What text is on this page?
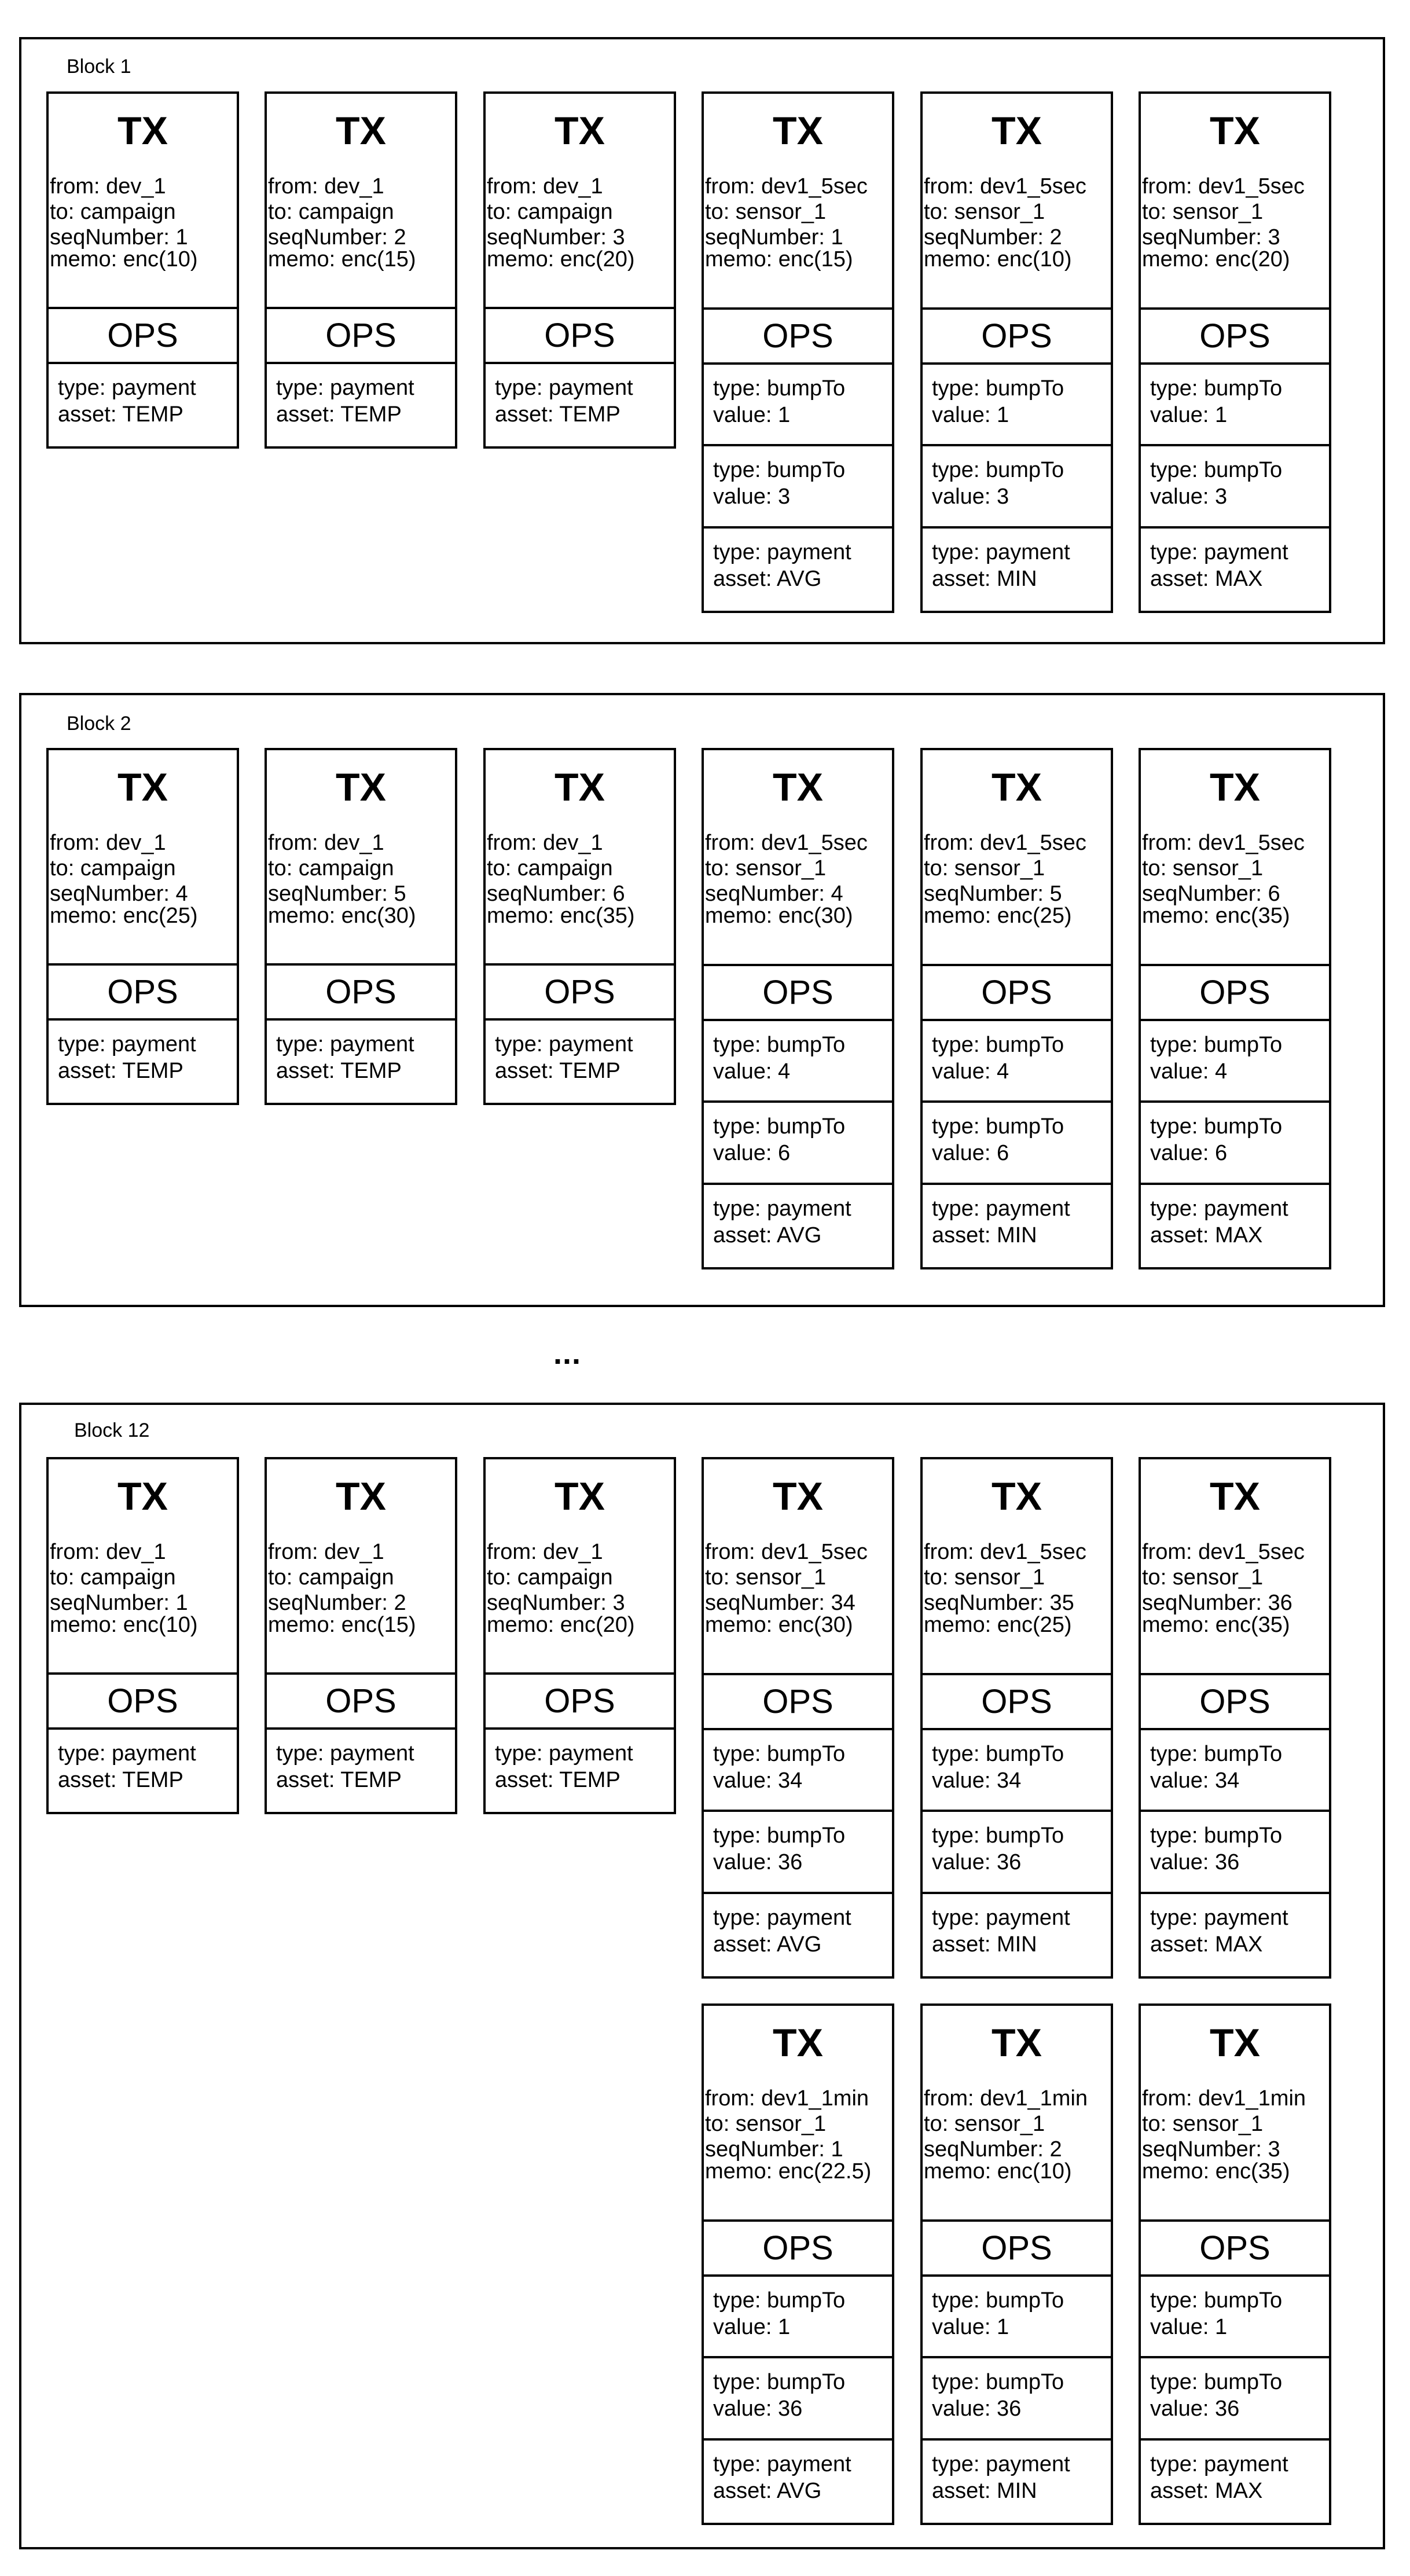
Block 1
Block 2
...
Block 12
TX
from: dev_1
to: campaign
seqNumber: 1
memo: enc(10)
OPS
type: payment
asset: TEMP
TX
from: dev_1
to: campaign
seqNumber: 2
memo: enc(15)
OPS
type: payment
asset: TEMP
TX
from: dev_1
to: campaign
seqNumber: 3
memo: enc(20)
OPS
type: payment
asset: TEMP
TX
from: dev1_5sec
to: sensor_1
seqNumber: 1
memo: enc(15)
OPS
type: bumpTo
value: 1
type: bumpTo
value: 3
type: payment
asset: AVG
TX
from: dev1_5sec
to: sensor_1
seqNumber: 2
memo: enc(10)
OPS
type: bumpTo
value: 1
type: bumpTo
value: 3
type: payment
asset: MIN
TX
from: dev1_5sec
to: sensor_1
seqNumber: 3
memo: enc(20)
OPS
type: bumpTo
value: 1
type: bumpTo
value: 3
type: payment
asset: MAX
TX
from: dev_1
to: campaign
seqNumber: 4
memo: enc(25)
OPS
type: payment
asset: TEMP
TX
from: dev_1
to: campaign
seqNumber: 5
memo: enc(30)
OPS
type: payment
asset: TEMP
TX
from: dev_1
to: campaign
seqNumber: 6
memo: enc(35)
OPS
type: payment
asset: TEMP
TX
from: dev1_5sec
to: sensor_1
seqNumber: 4
memo: enc(30)
OPS
type: bumpTo
value: 4
type: bumpTo
value: 6
type: payment
asset: AVG
TX
from: dev1_5sec
to: sensor_1
seqNumber: 5
memo: enc(25)
OPS
type: bumpTo
value: 4
type: bumpTo
value: 6
type: payment
asset: MIN
TX
from: dev1_5sec
to: sensor_1
seqNumber: 6
memo: enc(35)
OPS
type: bumpTo
value: 4
type: bumpTo
value: 6
type: payment
asset: MAX
TX
from: dev_1
to: campaign
seqNumber: 1
memo: enc(10)
OPS
type: payment
asset: TEMP
TX
from: dev_1
to: campaign
seqNumber: 2
memo: enc(15)
OPS
type: payment
asset: TEMP
TX
from: dev_1
to: campaign
seqNumber: 3
memo: enc(20)
OPS
type: payment
asset: TEMP
TX
from: dev1_5sec
to: sensor_1
seqNumber: 34
memo: enc(30)
OPS
type: bumpTo
value: 34
type: bumpTo
value: 36
type: payment
asset: AVG
TX
from: dev1_5sec
to: sensor_1
seqNumber: 35
memo: enc(25)
OPS
type: bumpTo
value: 34
type: bumpTo
value: 36
type: payment
asset: MIN
TX
from: dev1_5sec
to: sensor_1
seqNumber: 36
memo: enc(35)
OPS
type: bumpTo
value: 34
type: bumpTo
value: 36
type: payment
asset: MAX
TX
from: dev1_1min
to: sensor_1
seqNumber: 1
memo: enc(22.5)
OPS
type: bumpTo
value: 1
type: bumpTo
value: 36
type: payment
asset: AVG
TX
from: dev1_1min
to: sensor_1
seqNumber: 2
memo: enc(10)
OPS
type: bumpTo
value: 1
type: bumpTo
value: 36
type: payment
asset: MIN
TX
from: dev1_1min
to: sensor_1
seqNumber: 3
memo: enc(35)
OPS
type: bumpTo
value: 1
type: bumpTo
value: 36
type: payment
asset: MAX
